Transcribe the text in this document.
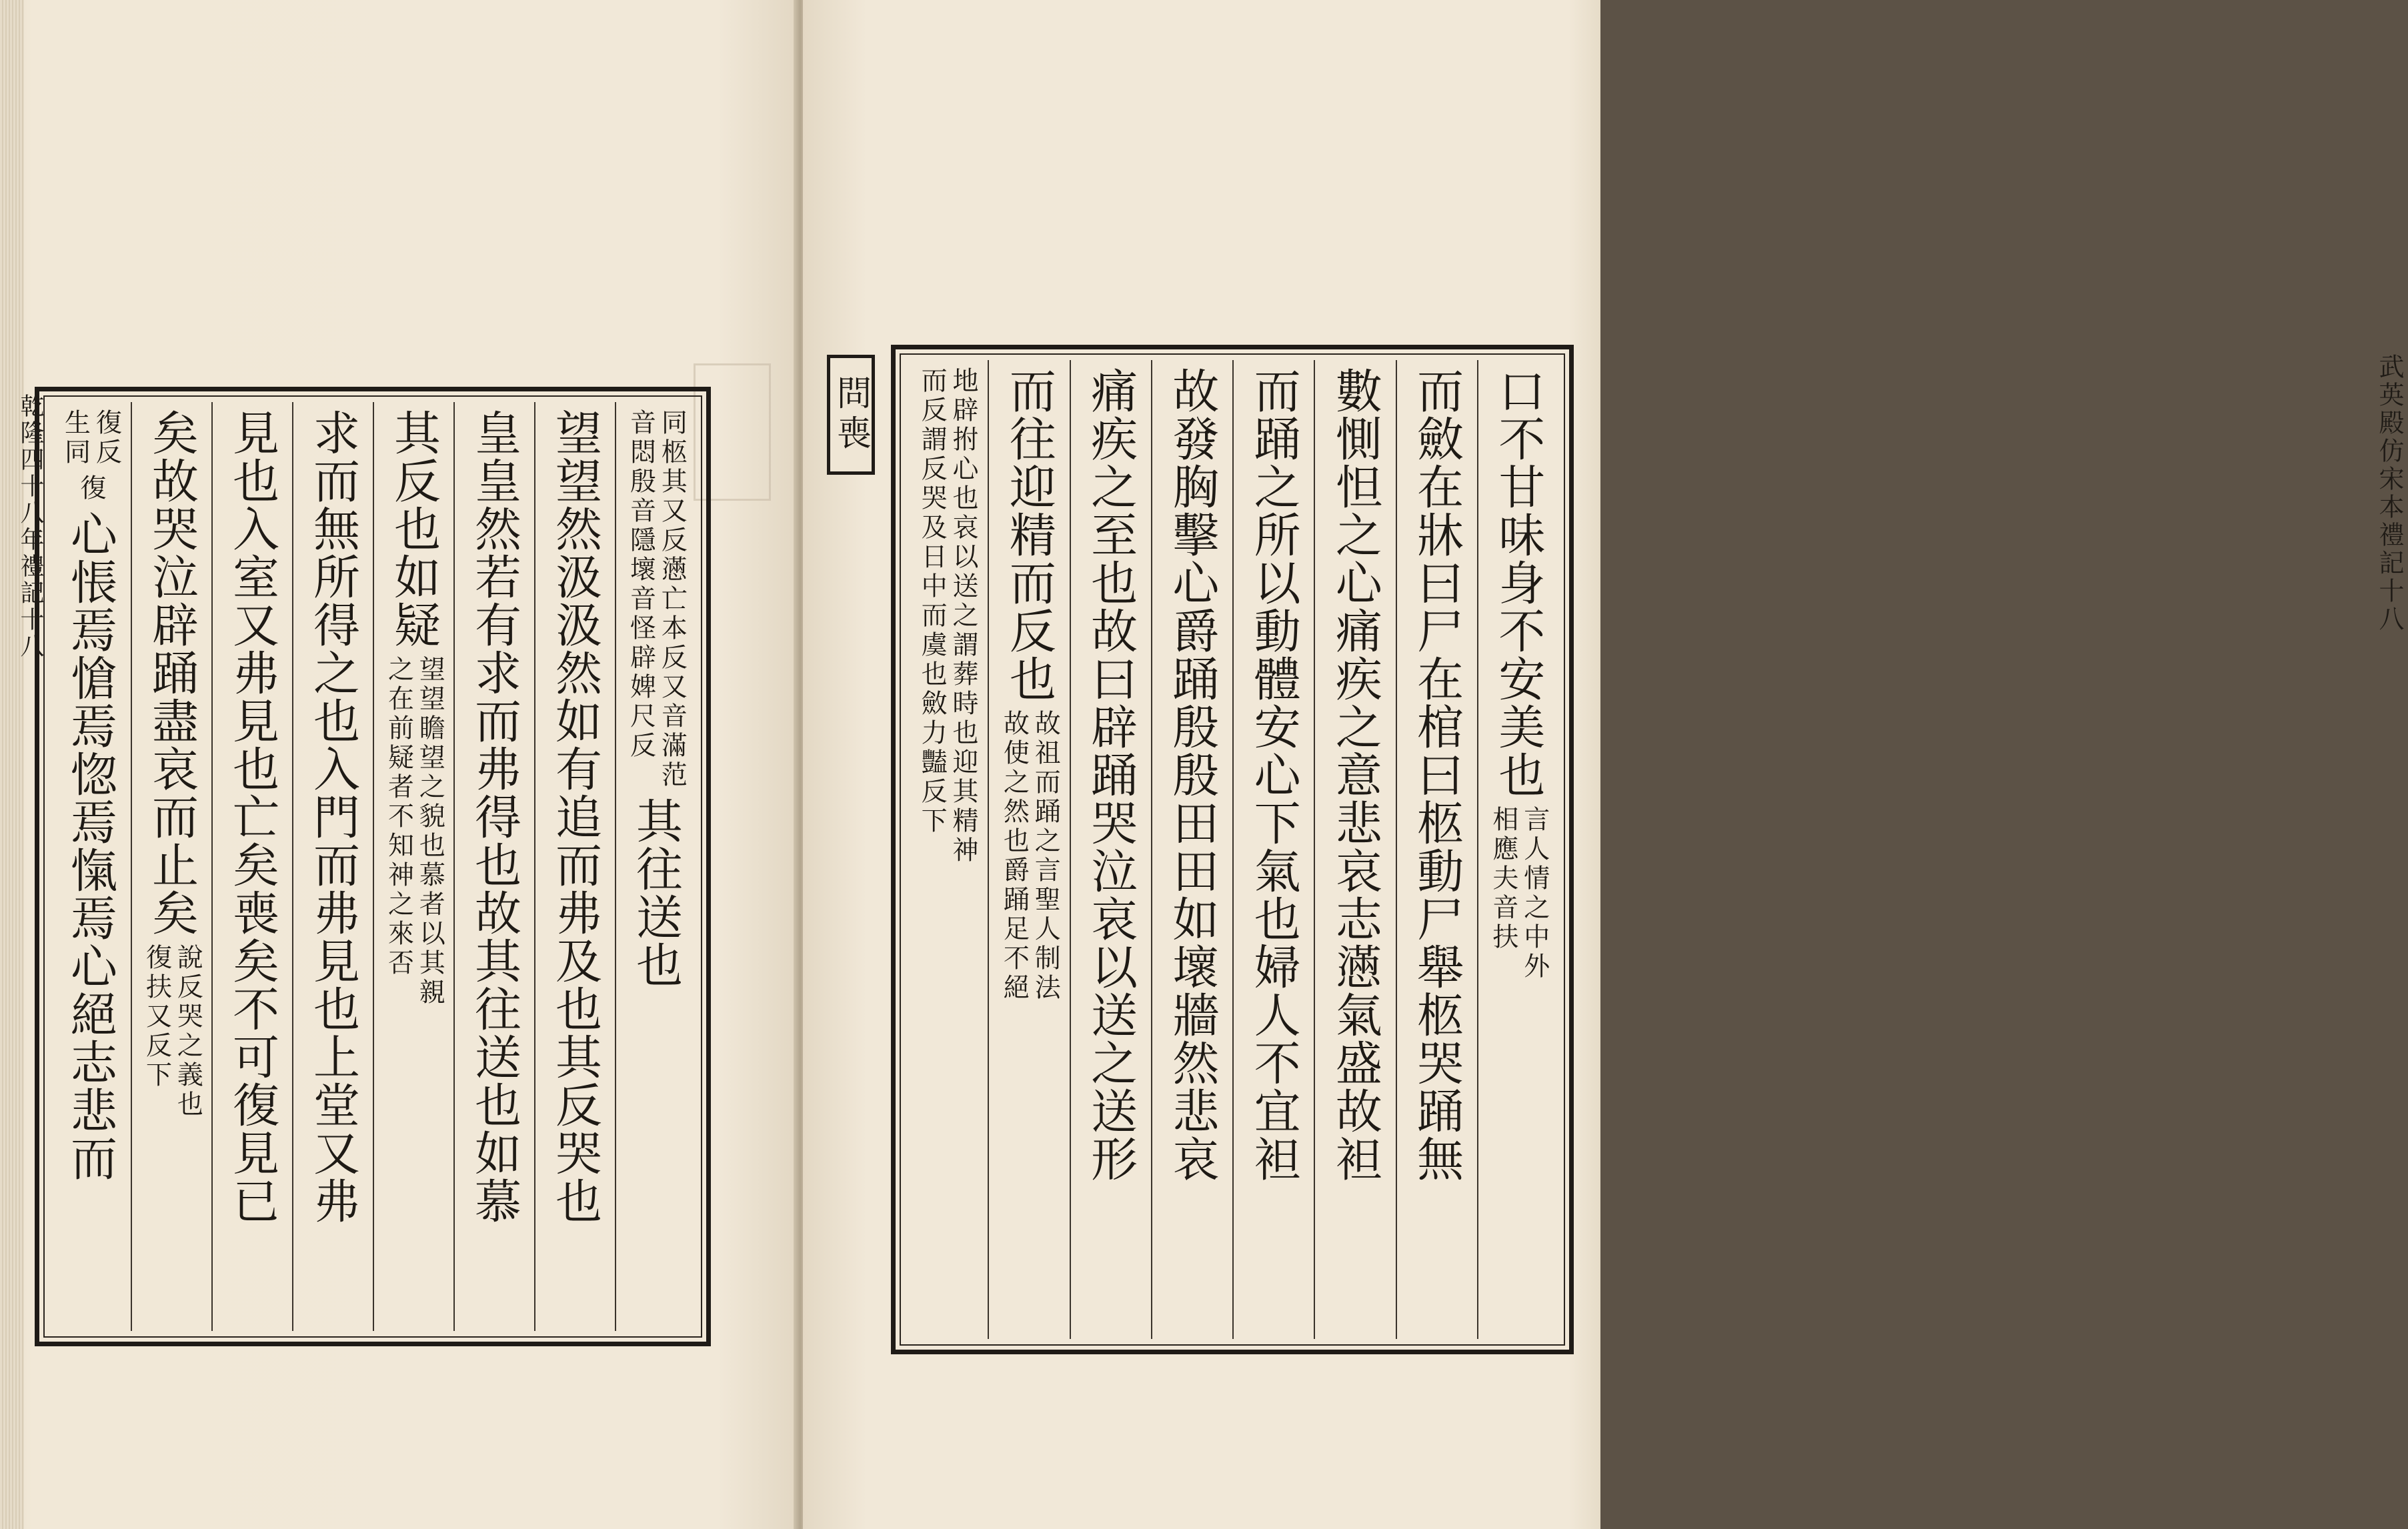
乾隆四十八年禮記十八	同柩其又反懣亡本反又音滿范
音悶殷音隱壞音怪辟婢尺反
其往送也
望望然汲汲然如有追而弗及也其反哭也
皇皇然若有求而弗得也故其往送也如慕
其反也如疑
望望瞻望之貌也慕者以其親
之在前疑者不知神之來否
求而無所得之也入門而弗見也上堂又弗
見也入室又弗見也亡矣喪矣不可復見已
矣故哭泣辟踊盡哀而止矣
說反哭之義也
復扶又反下
復反
生同
復
心悵焉愴焉惚焉愾焉心絕志悲而
武英殿仿宋本禮記十八
問喪	口不甘味身不安美也
言人情之中外
相應夫音扶
而斂在牀曰尸在棺曰柩動尸舉柩哭踊無
數惻怛之心痛疾之意悲哀志懣氣盛故袒
而踊之所以動體安心下氣也婦人不宜袒
故發胸擊心爵踊殷殷田田如壞牆然悲哀
痛疾之至也故曰辟踊哭泣哀以送之送形
而往迎精而反也
故祖而踊之言聖人制法
故使之然也爵踊足不絕
地辟拊心也哀以送之謂葬時也迎其精神
而反謂反哭及日中而虞也斂力豔反下
